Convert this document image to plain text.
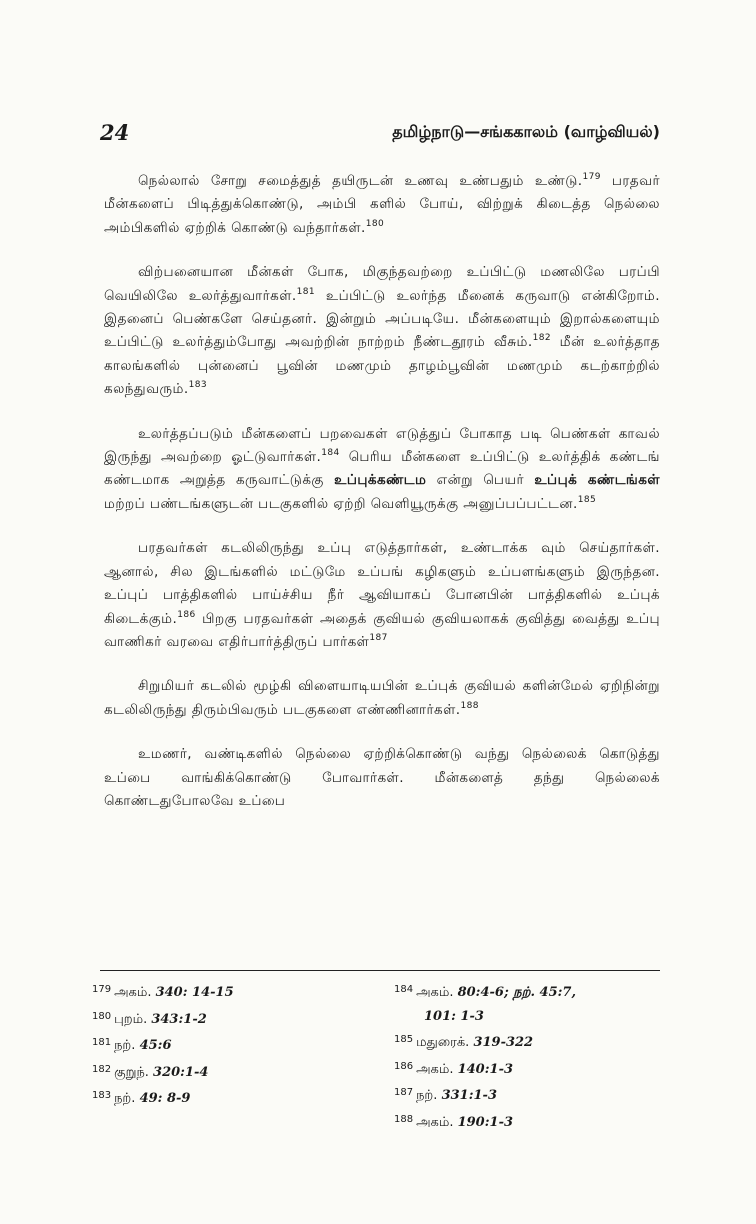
24	தமிழ்நாடு—சங்ககாலம் (வாழ்வியல்)

நெல்லால் சோறு சமைத்துத் தயிருடன் உணவு உண்பதும் உண்டு.$^{179}$ பரதவர் மீன்களைப் பிடித்துக்கொண்டு, அம்பி களில் போய், விற்றுக் கிடைத்த நெல்லை அம்பிகளில் ஏற்றிக் கொண்டு வந்தார்கள்.$^{180}$

விற்பனையான மீன்கள் போக, மிகுந்தவற்றை உப்பிட்டு மணலிலே பரப்பி வெயிலிலே உலர்த்துவார்கள்.$^{181}$ உப்பிட்டு உலர்ந்த மீனைக் கருவாடு என்கிறோம். இதனைப் பெண்களே செய்தனர். இன்றும் அப்படியே. மீன்களையும் இறால்களையும் உப்பிட்டு உலர்த்தும்போது அவற்றின் நாற்றம் நீண்டதூரம் வீசும்.$^{182}$ மீன் உலர்த்தாத காலங்களில் புன்னைப் பூவின் மணமும் தாழம்பூவின் மணமும் கடற்காற்றில் கலந்துவரும்.$^{183}$

உலர்த்தப்படும் மீன்களைப் பறவைகள் எடுத்துப் போகாத படி பெண்கள் காவல் இருந்து அவற்றை ஓட்டுவார்கள்.$^{184}$ பெரிய மீன்களை உப்பிட்டு உலர்த்திக் கண்டங் கண்டமாக அறுத்த கருவாட்டுக்கு உப்புக்கண்டம என்று பெயர் உப்புக் கண்டங்கள் மற்றப் பண்டங்களுடன் படகுகளில் ஏற்றி வெளியூருக்கு அனுப்பப்பட்டன.$^{185}$

பரதவர்கள் கடலிலிருந்து உப்பு எடுத்தார்கள், உண்டாக்க வும் செய்தார்கள். ஆனால், சில இடங்களில் மட்டுமே உப்பங் கழிகளும் உப்பளங்களும் இருந்தன. உப்புப் பாத்திகளில் பாய்ச்சிய நீர் ஆவியாகப் போனபின் பாத்திகளில் உப்புக் கிடைக்கும்.$^{186}$ பிறகு பரதவர்கள் அதைக் குவியல் குவியலாகக் குவித்து வைத்து உப்பு வாணிகர் வரவை எதிர்பார்த்திருப் பார்கள்$^{187}$

சிறுமியர் கடலில் மூழ்கி விளையாடியபின் உப்புக் குவியல் களின்மேல் ஏறிநின்று கடலிலிருந்து திரும்பிவரும் படகுகளை எண்ணினார்கள்.$^{188}$

உமணர், வண்டிகளில் நெல்லை ஏற்றிக்கொண்டு வந்து நெல்லைக் கொடுத்து உப்பை வாங்கிக்கொண்டு போவார்கள். மீன்களைத் தந்து நெல்லைக் கொண்டதுபோலவே உப்பை

$^{179}$ அகம். 340: 14-15
$^{180}$ புறம். 343:1-2
$^{181}$ நற். 45:6
$^{182}$ குறுந். 320:1-4
$^{183}$ நற். 49: 8-9
$^{184}$ அகம். 80:4-6; நற். 45:7,
101: 1-3
$^{185}$ மதுரைக். 319-322
$^{186}$ அகம். 140:1-3
$^{187}$ நற். 331:1-3
$^{188}$ அகம். 190:1-3
